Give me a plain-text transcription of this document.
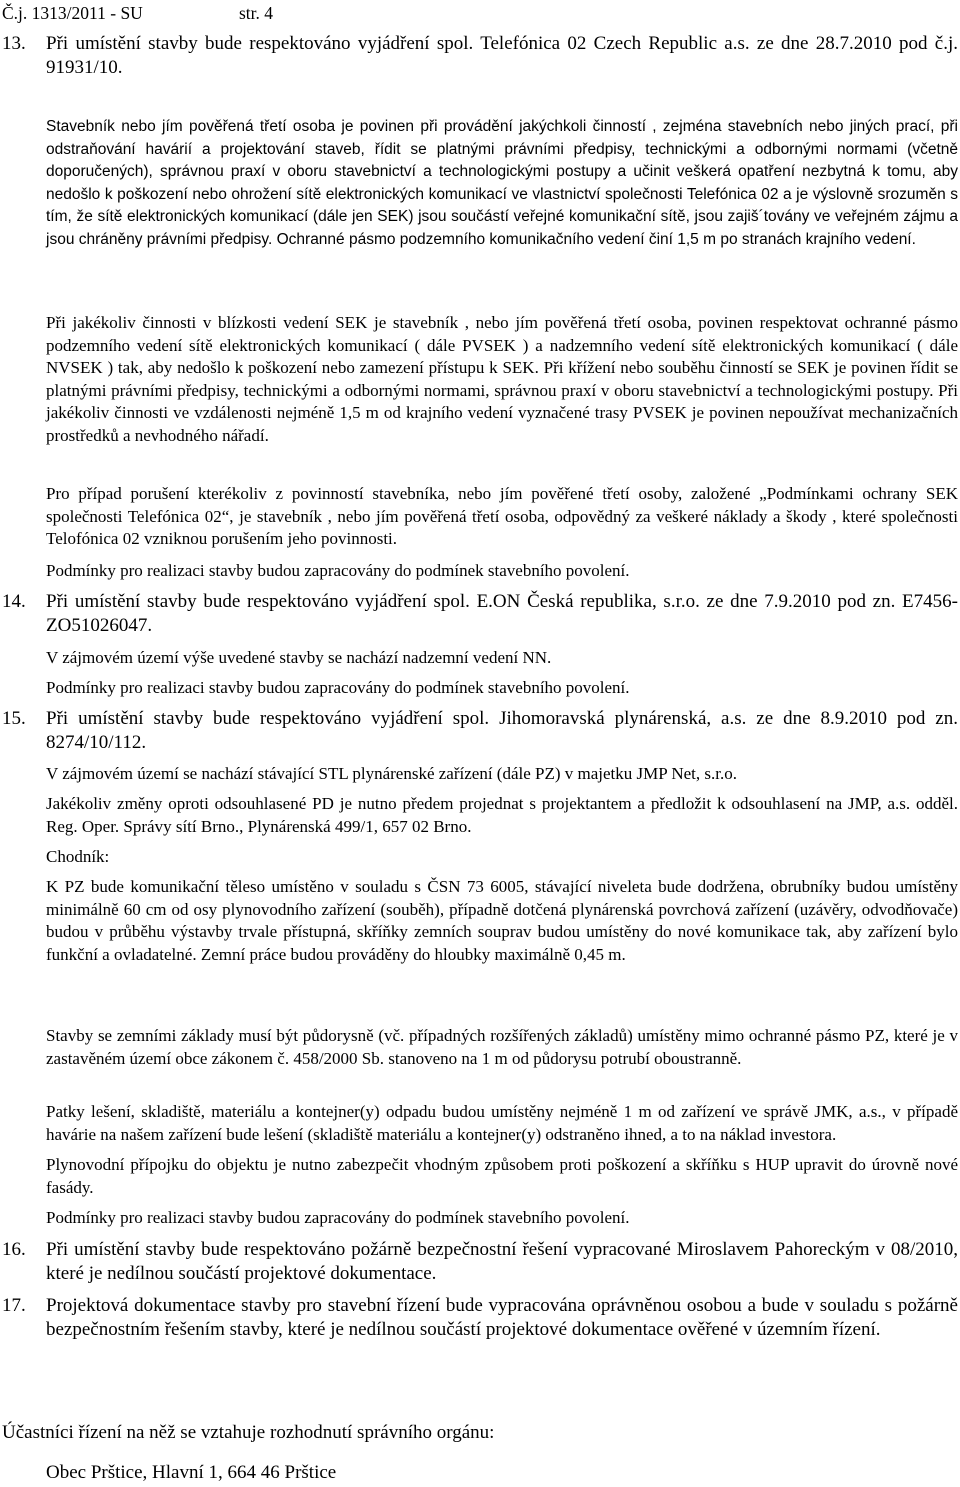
Č.j. 1313/2011 - SU	str. 4
13. Při umístění stavby bude respektováno vyjádření spol. Telefónica 02 Czech Republic a.s. ze dne 28.7.2010 pod č.j. 91931/10.

Stavebník nebo jím pověřená třetí osoba je povinen při provádění jakýchkoli činností , zejména stavebních nebo jiných prací, při odstraňování havárií a projektování staveb, řídit se platnými právními předpisy, technickými a odbornými normami (včetně doporučených), správnou praxí v oboru stavebnictví a technologickými postupy a učinit veškerá opatření nezbytná k tomu, aby nedošlo k poškození nebo ohrožení sítě elektronických komunikací ve vlastnictví společnosti Telefónica 02 a je výslovně srozuměn s tím, že sítě elektronických komunikací (dále jen SEK) jsou součástí veřejné komunikační sítě, jsou zajiš´továny ve veřejném zájmu a jsou chráněny právními předpisy. Ochranné pásmo podzemního komunikačního vedení činí 1,5 m po stranách krajního vedení.
Při jakékoliv činnosti v blízkosti vedení SEK je stavebník , nebo jím pověřená třetí osoba, povinen respektovat ochranné pásmo podzemního vedení sítě elektronických komunikací ( dále PVSEK ) a nadzemního vedení sítě elektronických komunikací ( dále NVSEK ) tak, aby nedošlo k poškození nebo zamezení přístupu k SEK. Při křížení nebo souběhu činností se SEK je povinen řídit se platnými právními předpisy, technickými a odbornými normami, správnou praxí v oboru stavebnictví a technologickými postupy. Při jakékoliv činnosti ve vzdálenosti nejméně 1,5 m od krajního vedení vyznačené trasy PVSEK je povinen nepoužívat mechanizačních prostředků a nevhodného nářadí.
Pro případ porušení kterékoliv z povinností stavebníka, nebo jím pověřené třetí osoby, založené „Podmínkami ochrany SEK společnosti Telefónica 02“, je stavebník , nebo jím pověřená třetí osoba, odpovědný za veškeré náklady a škody , které společnosti Telofónica 02 vzniknou porušením jeho povinnosti.
Podmínky pro realizaci stavby budou zapracovány do podmínek stavebního povolení.
14. Při umístění stavby bude respektováno vyjádření spol. E.ON Česká republika, s.r.o. ze dne 7.9.2010 pod zn. E7456-ZO51026047.

V zájmovém území výše uvedené stavby se nachází nadzemní vedení NN.
Podmínky pro realizaci stavby budou zapracovány do podmínek stavebního povolení.
15. Při umístění stavby bude respektováno vyjádření spol. Jihomoravská plynárenská, a.s. ze dne 8.9.2010 pod zn. 8274/10/112.

V zájmovém území se nachází stávající STL plynárenské zařízení (dále PZ) v majetku JMP Net, s.r.o.
Jakékoliv změny oproti odsouhlasené PD je nutno předem projednat s projektantem a předložit k odsouhlasení na JMP, a.s. odděl. Reg. Oper. Správy sítí Brno., Plynárenská 499/1, 657 02 Brno.
Chodník:
K PZ bude komunikační těleso umístěno v souladu s ČSN 73 6005, stávající niveleta bude dodržena, obrubníky budou umístěny minimálně 60 cm od osy plynovodního zařízení (souběh), případně dotčená plynárenská povrchová zařízení (uzávěry, odvodňovače) budou v průběhu výstavby trvale přístupná, skříňky zemních souprav budou umístěny do nové komunikace tak, aby zařízení bylo funkční a ovladatelné. Zemní práce budou prováděny do hloubky maximálně 0,45 m.
Stavby se zemními základy musí být půdorysně (vč. případných rozšířených základů) umístěny mimo ochranné pásmo PZ, které je v zastavěném území obce zákonem č. 458/2000 Sb. stanoveno na 1 m od půdorysu potrubí oboustranně.
Patky lešení, skladiště, materiálu a kontejner(y) odpadu budou umístěny nejméně 1 m od zařízení ve správě JMK, a.s., v případě havárie na našem zařízení bude lešení (skladiště materiálu a kontejner(y) odstraněno ihned, a to na náklad investora.
Plynovodní přípojku do objektu je nutno zabezpečit vhodným způsobem proti poškození a skříňku s HUP upravit do úrovně nové fasády.
Podmínky pro realizaci stavby budou zapracovány do podmínek stavebního povolení.
16. Při umístění stavby bude respektováno požárně bezpečnostní řešení vypracované Miroslavem Pahoreckým v 08/2010, které je nedílnou součástí projektové dokumentace.

17. Projektová dokumentace stavby pro stavební řízení bude vypracována oprávněnou osobou a bude v souladu s požárně bezpečnostním řešením stavby, které je nedílnou součástí projektové dokumentace ověřené v územním řízení.

Účastníci řízení na něž se vztahuje rozhodnutí správního orgánu:
Obec Prštice, Hlavní 1, 664 46 Prštice
